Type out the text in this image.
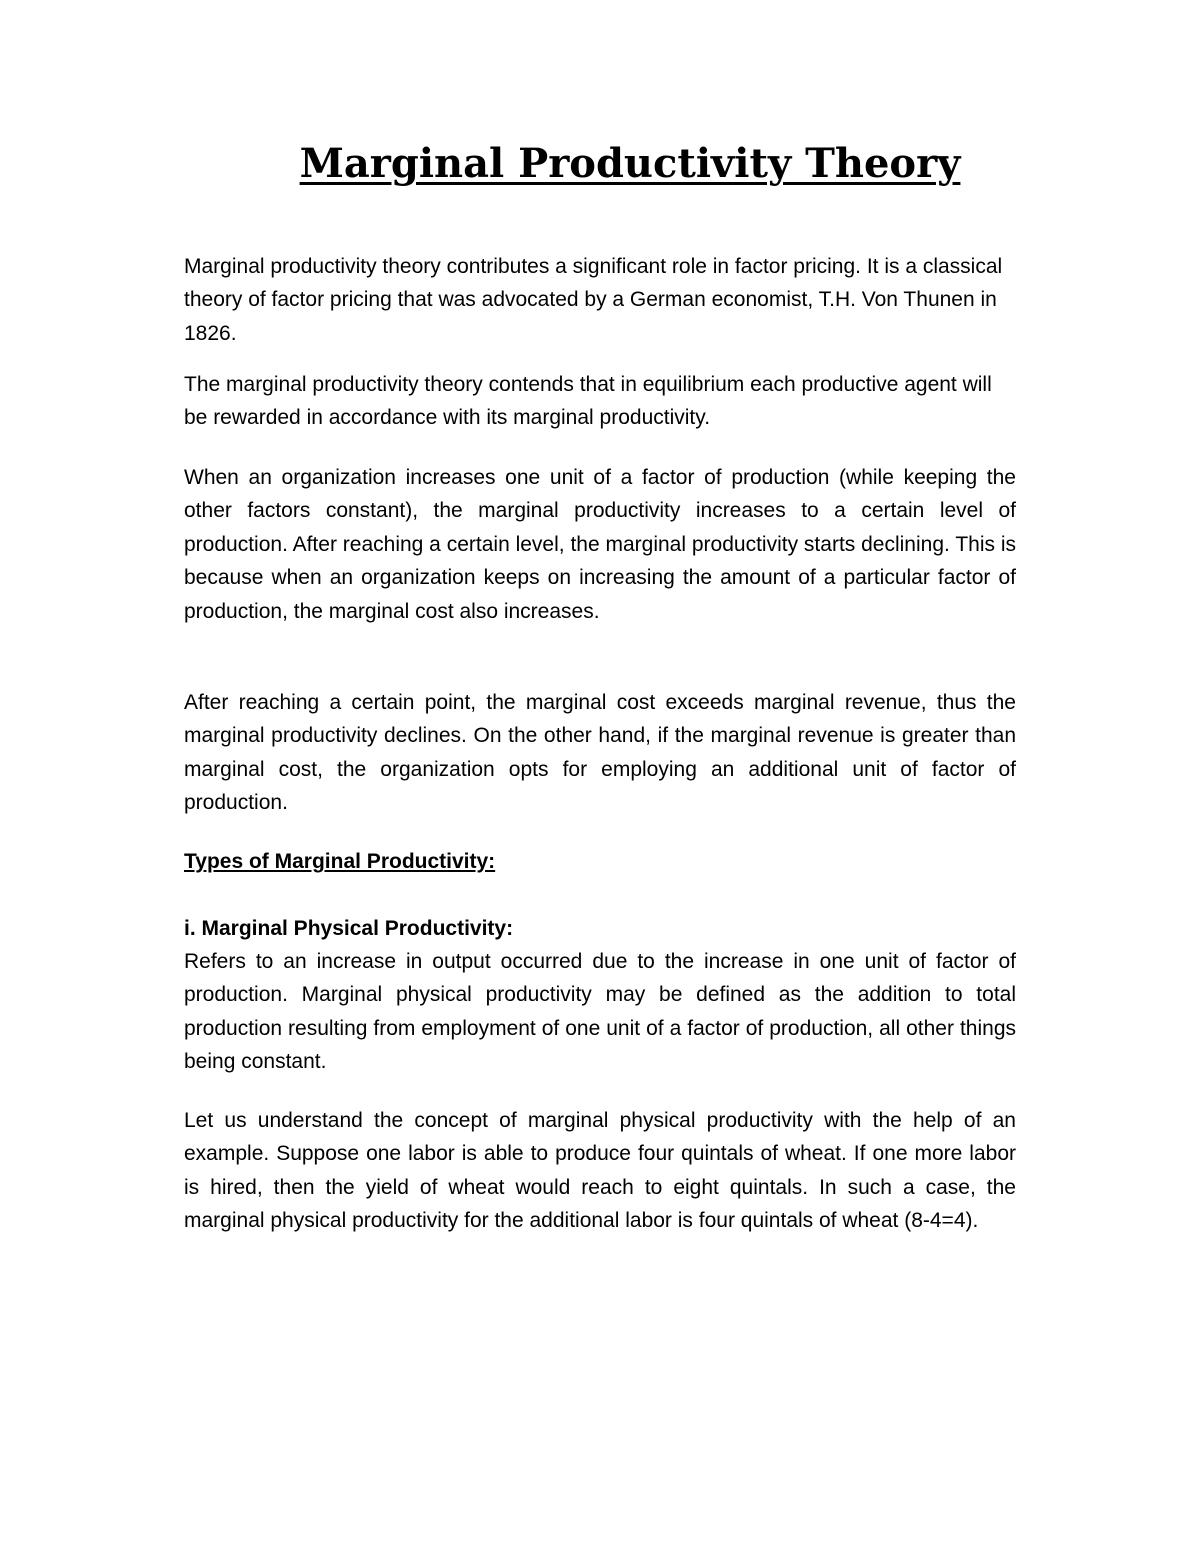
Marginal Productivity Theory

Marginal productivity theory contributes a significant role in factor pricing. It is a classical theory of factor pricing that was advocated by a German economist, T.H. Von Thunen in 1826.

The marginal productivity theory contends that in equilibrium each productive agent will be rewarded in accordance with its marginal productivity.

When an organization increases one unit of a factor of production (while keeping the other factors constant), the marginal productivity increases to a certain level of production. After reaching a certain level, the marginal productivity starts declining. This is because when an organization keeps on increasing the amount of a particular factor of production, the marginal cost also increases.

After reaching a certain point, the marginal cost exceeds marginal revenue, thus the marginal productivity declines. On the other hand, if the marginal revenue is greater than marginal cost, the organization opts for employing an additional unit of factor of production.

Types of Marginal Productivity:

i. Marginal Physical Productivity:

Refers to an increase in output occurred due to the increase in one unit of factor of production. Marginal physical productivity may be defined as the addition to total production resulting from employment of one unit of a factor of production, all other things being constant.

Let us understand the concept of marginal physical productivity with the help of an example. Suppose one labor is able to produce four quintals of wheat. If one more labor is hired, then the yield of wheat would reach to eight quintals. In such a case, the marginal physical productivity for the additional labor is four quintals of wheat (8-4=4).
